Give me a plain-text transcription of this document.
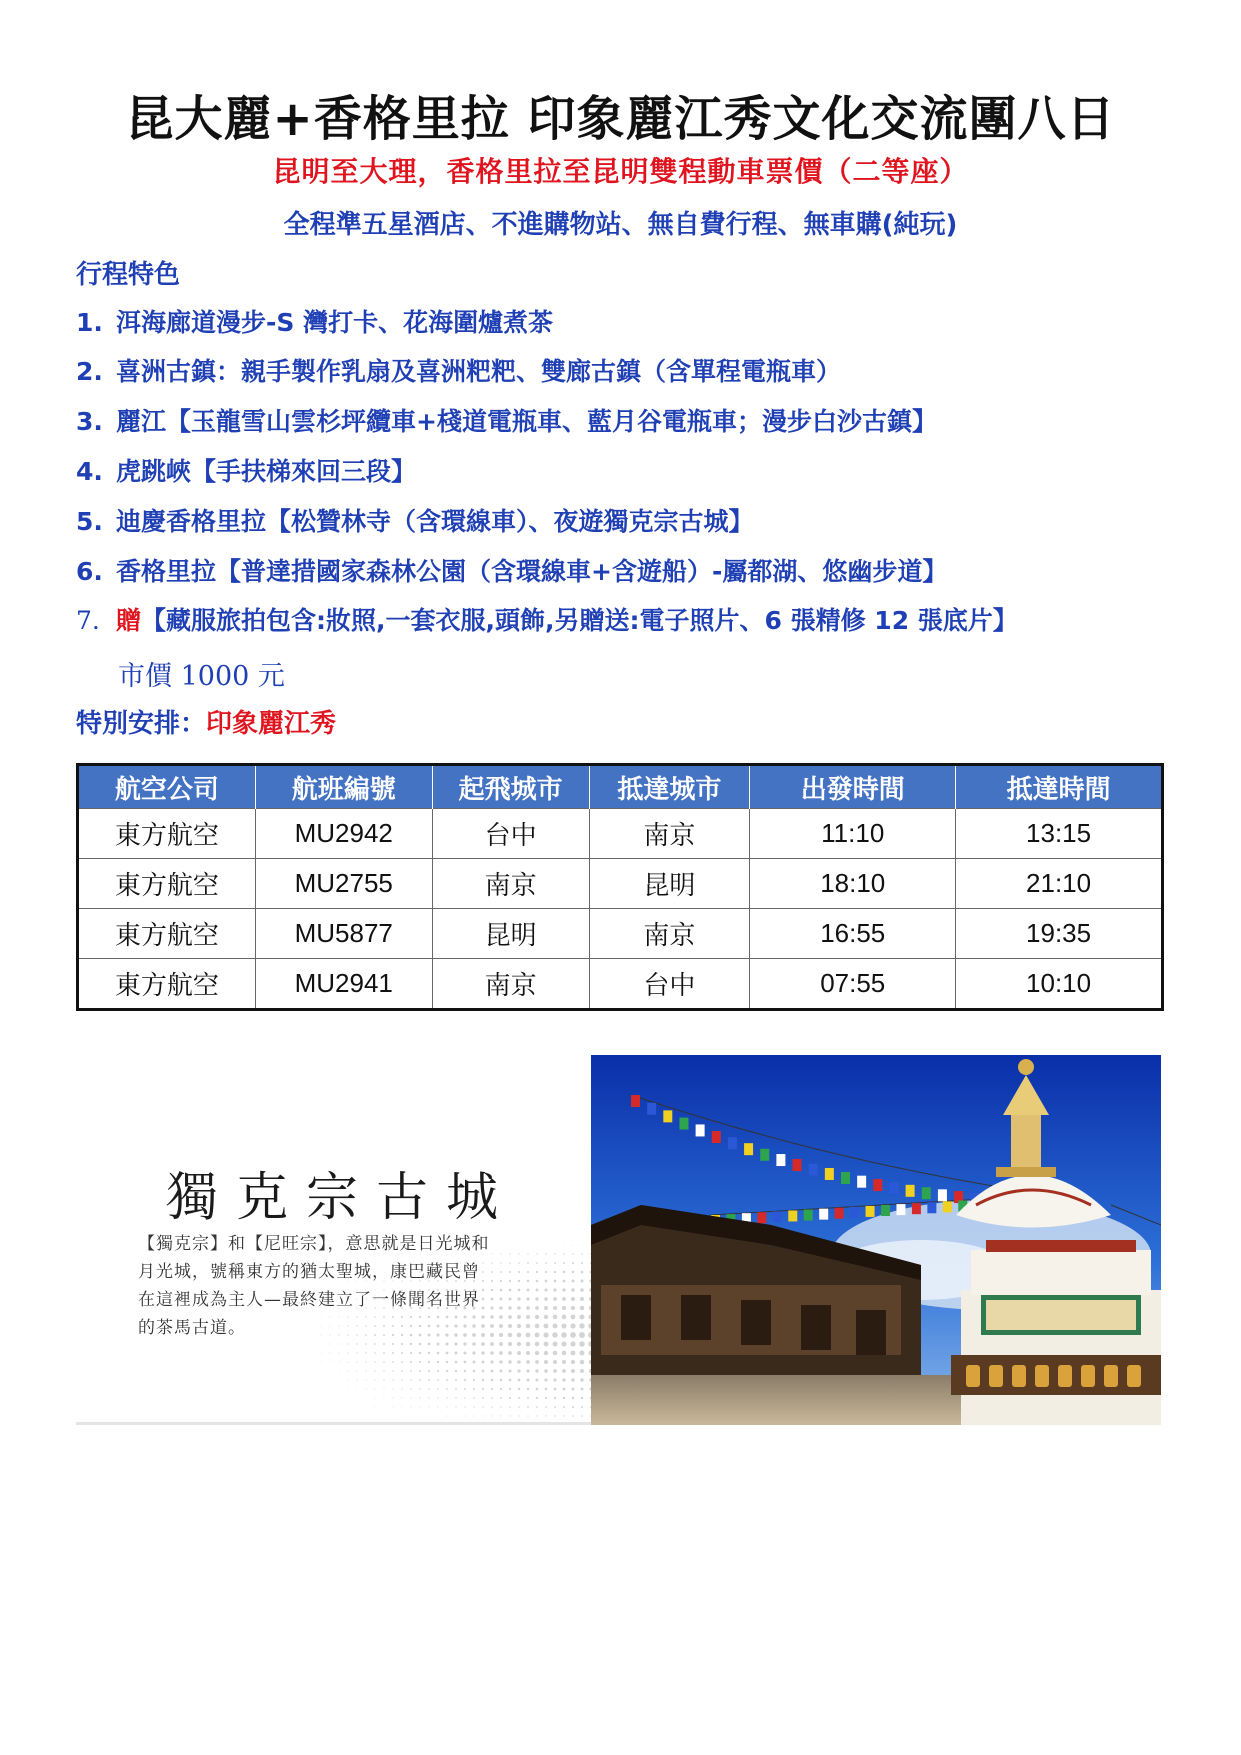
昆大麗+香格里拉 印象麗江秀文化交流團八日
昆明至大理，香格里拉至昆明雙程動車票價（二等座）
全程準五星酒店、不進購物站、無自費行程、無車購(純玩)
行程特色
1. 洱海廊道漫步-S 灣打卡、花海圍爐煮茶
2. 喜洲古鎮：親手製作乳扇及喜洲粑粑、雙廊古鎮（含單程電瓶車）
3. 麗江【玉龍雪山雲杉坪纜車+棧道電瓶車、藍月谷電瓶車；漫步白沙古鎮】
4. 虎跳峽【手扶梯來回三段】
5. 迪慶香格里拉【松贊林寺（含環線車）、夜遊獨克宗古城】
6. 香格里拉【普達措國家森林公園（含環線車+含遊船）-屬都湖、悠幽步道】
7. 贈【藏服旅拍包含:妝照,一套衣服,頭飾,另贈送:電子照片、6 張精修 12 張底片】
市價 1000 元
特別安排：印象麗江秀
航空公司	航班編號	起飛城市	抵達城市	出發時間	抵達時間
東方航空	MU2942	台中	南京	11:10	13:15
東方航空	MU2755	南京	昆明	18:10	21:10
東方航空	MU5877	昆明	南京	16:55	19:35
東方航空	MU2941	南京	台中	07:55	10:10
獨克宗古城
【獨克宗】和【尼旺宗】，意思就是日光城和
月光城，號稱東方的猶太聖城，康巴藏民曾
在這裡成為主人—最終建立了一條聞名世界
的茶馬古道。
